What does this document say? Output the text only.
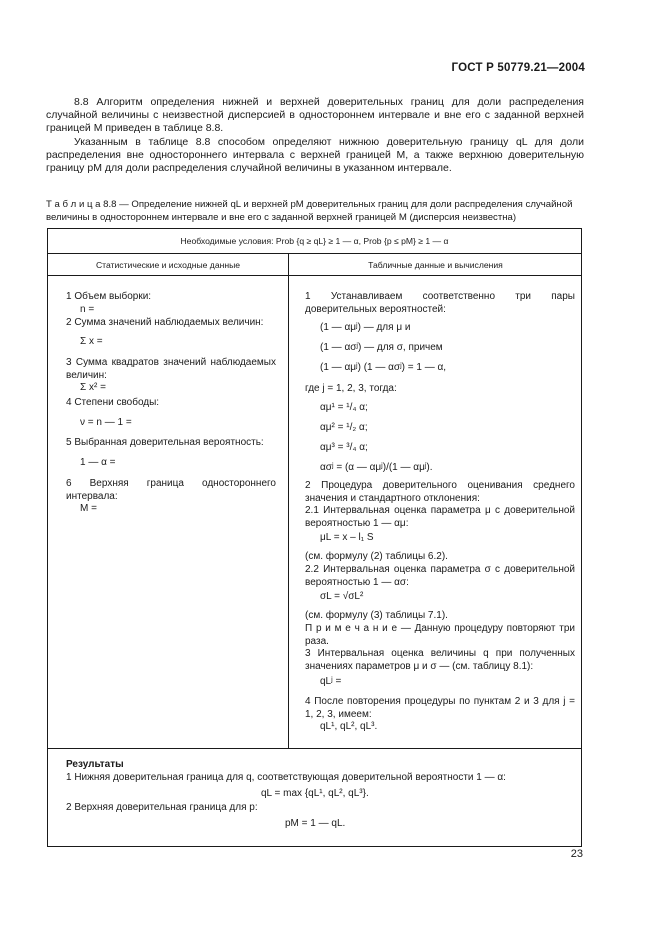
ГОСТ Р 50779.21—2004
8.8 Алгоритм определения нижней и верхней доверительных границ для доли распределения случайной величины с неизвестной дисперсией в одностороннем интервале и вне его с заданной верхней границей M приведен в таблице 8.8.
Указанным в таблице 8.8 способом определяют нижнюю доверительную границу qL для доли распределения вне одностороннего интервала с верхней границей M, а также верхнюю доверительную границу pM для доли распределения случайной величины в указанном интервале.
Т а б л и ц а 8.8 — Определение нижней qL и верхней pM доверительных границ для доли распределения случайной величины в одностороннем интервале и вне его с заданной верхней границей M (дисперсия неизвестна)
Необходимые условия: Prob {q ≥ qL} ≥ 1 — α, Prob {p ≤ pM} ≥ 1 — α
Статистические и исходные данные	Табличные данные и вычисления
1 Объем выборки:
n =
2 Сумма значений наблюдаемых величин:
Σ x =
3 Сумма квадратов значений наблюдаемых величин:
Σ x² =
4 Степени свободы:
ν = n — 1 =
5 Выбранная доверительная вероятность:
1 — α =
6 Верхняя граница одностороннего интервала:
M =
1 Устанавливаем соответственно три пары доверительных вероятностей:
(1 — αμʲ) — для μ и
(1 — ασʲ) — для σ, причем
(1 — αμʲ) (1 — ασʲ) = 1 — α,
где j = 1, 2, 3, тогда:
αμ¹ = ¹/₄ α;
αμ² = ¹/₂ α;
αμ³ = ³/₄ α;
ασʲ = (α — αμʲ)/(1 — αμʲ).
2 Процедура доверительного оценивания среднего значения и стандартного отклонения:
2.1 Интервальная оценка параметра μ с доверительной вероятностью 1 — αμ:
μL = x – l₁ S
(см. формулу (2) таблицы 6.2).
2.2 Интервальная оценка параметра σ с доверительной вероятностью 1 — ασ:
σL = √σL²
(см. формулу (3) таблицы 7.1).
П р и м е ч а н и е — Данную процедуру повторяют три раза.
3 Интервальная оценка величины q при полученных значениях параметров μ и σ — (см. таблицу 8.1):
qLʲ =
4 После повторения процедуры по пунктам 2 и 3 для j = 1, 2, 3, имеем:
qL¹, qL², qL³.
Результаты
1 Нижняя доверительная граница для q, соответствующая доверительной вероятности 1 — α:
qL = max {qL¹, qL², qL³}.
2 Верхняя доверительная граница для p:
pM = 1 — qL.
23
